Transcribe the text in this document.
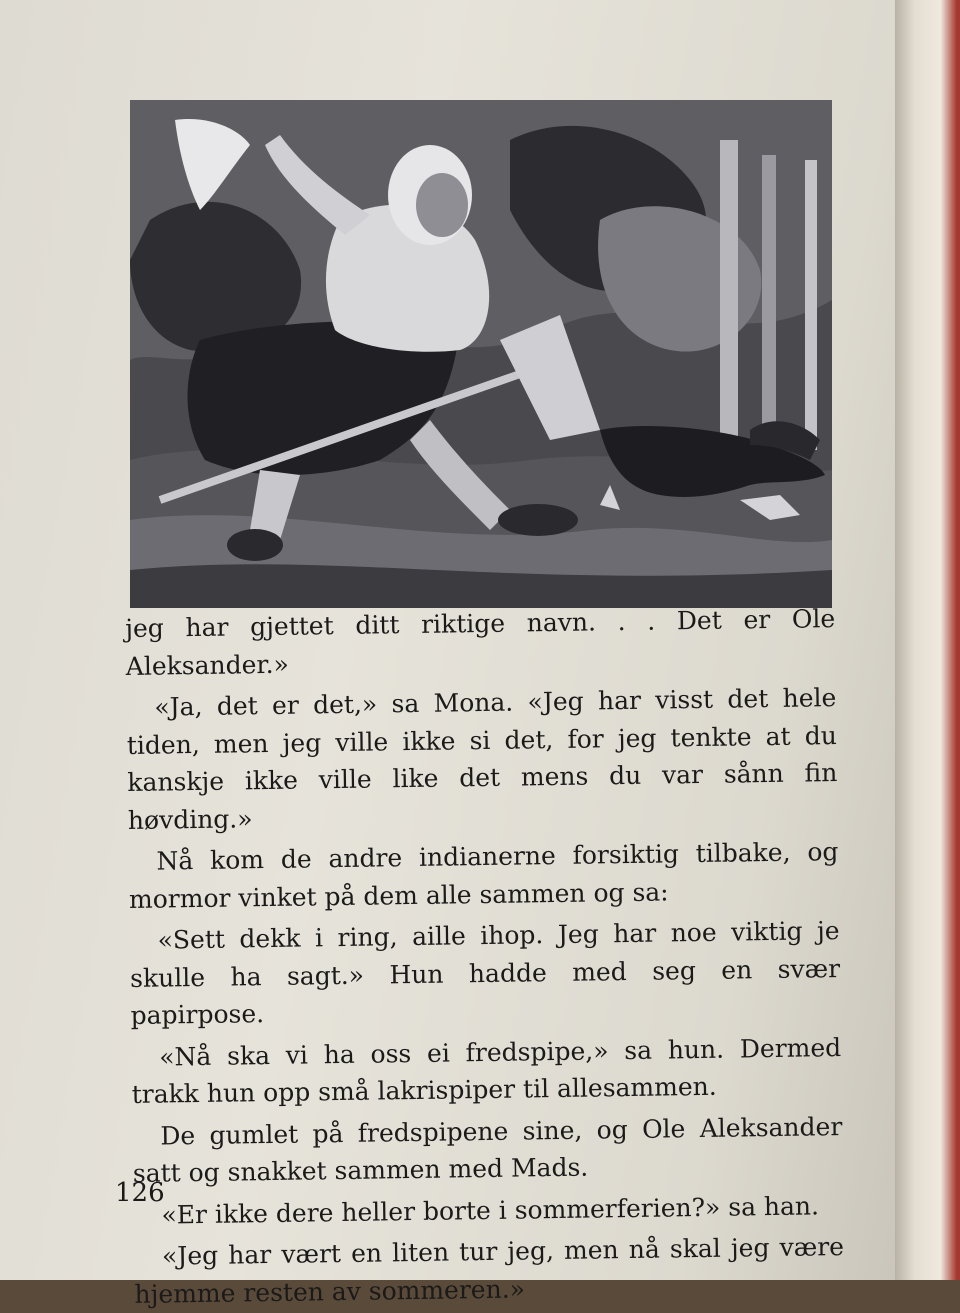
jeg har gjettet ditt riktige navn. . . Det er Ole Aleksander.»

«Ja, det er det,» sa Mona. «Jeg har visst det hele tiden, men jeg ville ikke si det, for jeg tenkte at du kanskje ikke ville like det mens du var sånn fin høvding.»

Nå kom de andre indianerne forsiktig tilbake, og mormor vinket på dem alle sammen og sa:

«Sett dekk i ring, aille ihop. Jeg har noe viktig je skulle ha sagt.» Hun hadde med seg en svær papirpose.

«Nå ska vi ha oss ei fredspipe,» sa hun. Dermed trakk hun opp små lakrispiper til allesammen.

De gumlet på fredspipene sine, og Ole Aleksander satt og snakket sammen med Mads.

«Er ikke dere heller borte i sommerferien?» sa han.

«Jeg har vært en liten tur jeg, men nå skal jeg være hjemme resten av sommeren.»

126
